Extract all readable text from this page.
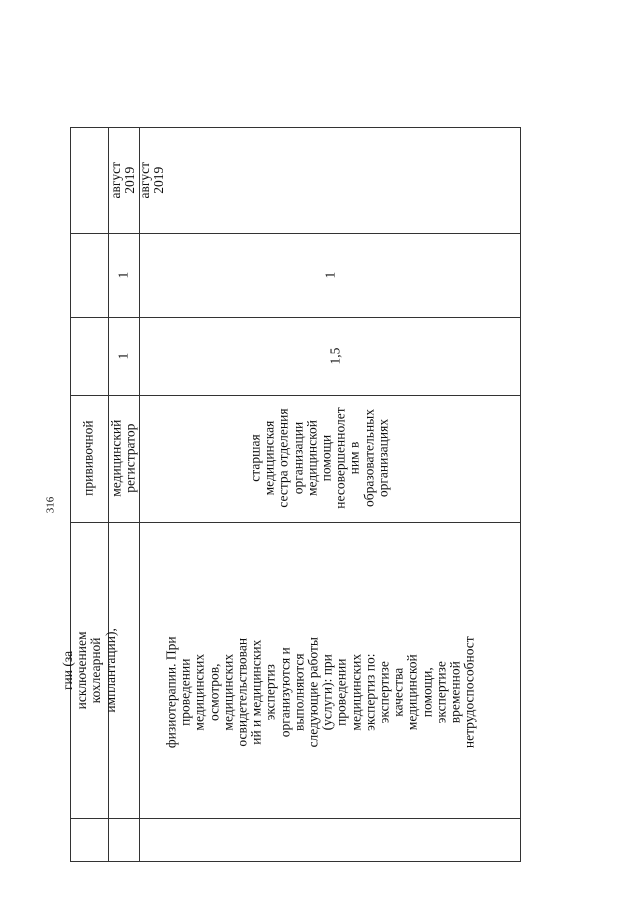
316
гии (за
исключением
кохлеарной
имплантации),
прививочной
физиотерапии. При
проведении
медицинских
осмотров,
медицинских
освидетельствован
ий и медицинских
экспертиз
организуются и
выполняются
следующие работы
(услуги): при
проведении
медицинских
экспертиз по:
экспертизе
качества
медицинской
помощи,
экспертизе
временной
нетрудоспособност
медицинский
регистратор
1
1
август 2019
старшая
медицинская
сестра отделения
организации
медицинской
помощи
несовершеннолет
ним в
образовательных
организациях
1,5
1
август 2019
